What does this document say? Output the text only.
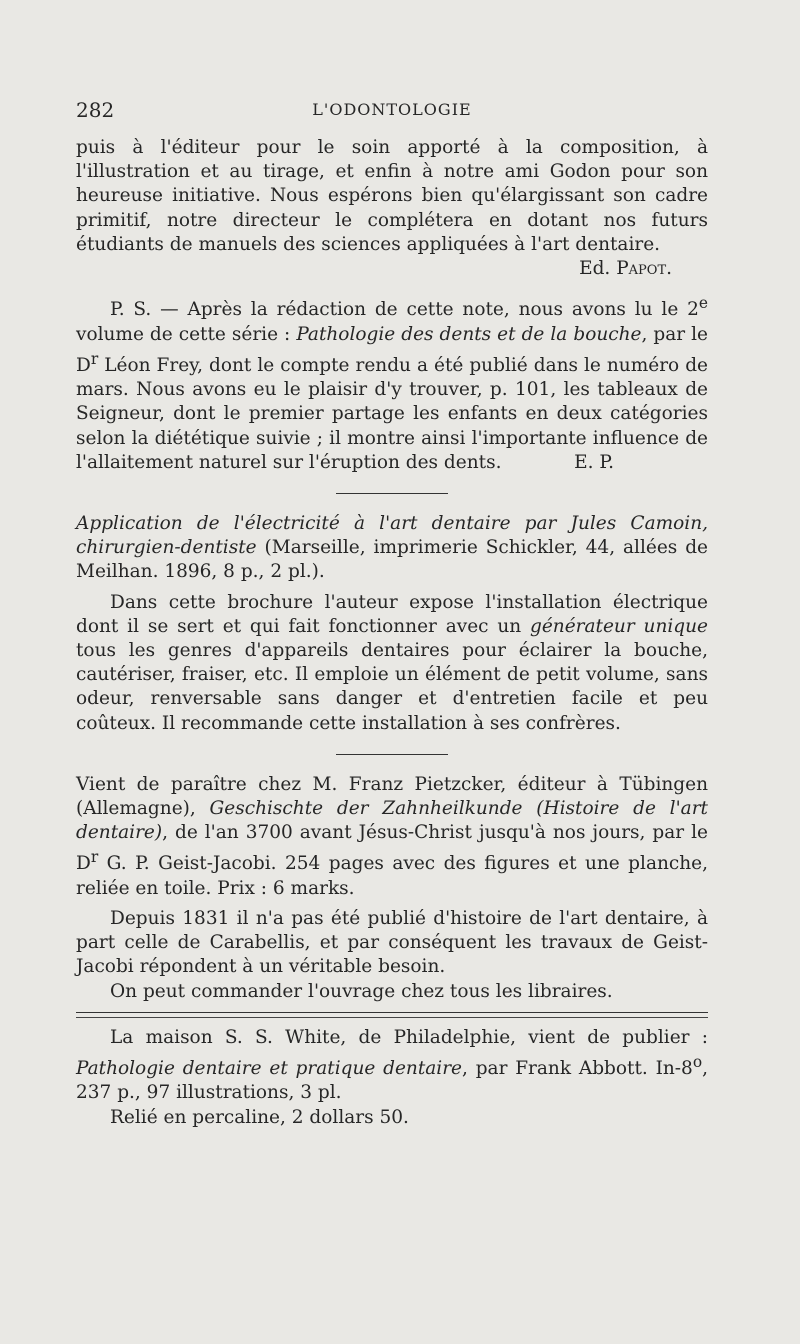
282	L'ODONTOLOGIE

puis à l'éditeur pour le soin apporté à la composition, à l'illustration et au tirage, et enfin à notre ami Godon pour son heureuse initiative. Nous espérons bien qu'élargissant son cadre primitif, notre directeur le complétera en dotant nos futurs étudiants de manuels des sciences appliquées à l'art dentaire.

Ed. Papot.

P. S. — Après la rédaction de cette note, nous avons lu le 2e volume de cette série : Pathologie des dents et de la bouche, par le $D^r$ Léon Frey, dont le compte rendu a été publié dans le numéro de mars. Nous avons eu le plaisir d'y trouver, p. 101, les tableaux de Seigneur, dont le premier partage les enfants en deux catégories selon la diététique suivie ; il montre ainsi l'importante influence de l'allaitement naturel sur l'éruption des dents.	E. P.

Application de l'électricité à l'art dentaire par Jules Camoin, chirurgien-dentiste (Marseille, imprimerie Schickler, 44, allées de Meilhan. 1896, 8 p., 2 pl.).

Dans cette brochure l'auteur expose l'installation électrique dont il se sert et qui fait fonctionner avec un générateur unique tous les genres d'appareils dentaires pour éclairer la bouche, cautériser, fraiser, etc. Il emploie un élément de petit volume, sans odeur, renversable sans danger et d'entretien facile et peu coûteux. Il recommande cette installation à ses confrères.

Vient de paraître chez M. Franz Pietzcker, éditeur à Tübingen (Allemagne), Geschischte der Zahnheilkunde (Histoire de l'art dentaire), de l'an 3700 avant Jésus-Christ jusqu'à nos jours, par le $D^r$ G. P. Geist-Jacobi. 254 pages avec des figures et une planche, reliée en toile. Prix : 6 marks.

Depuis 1831 il n'a pas été publié d'histoire de l'art dentaire, à part celle de Carabellis, et par conséquent les travaux de Geist-Jacobi répondent à un véritable besoin.

On peut commander l'ouvrage chez tous les libraires.

La maison S. S. White, de Philadelphie, vient de publier : Pathologie dentaire et pratique dentaire, par Frank Abbott. In-8$^o$, 237 p., 97 illustrations, 3 pl.

Relié en percaline, 2 dollars 50.
